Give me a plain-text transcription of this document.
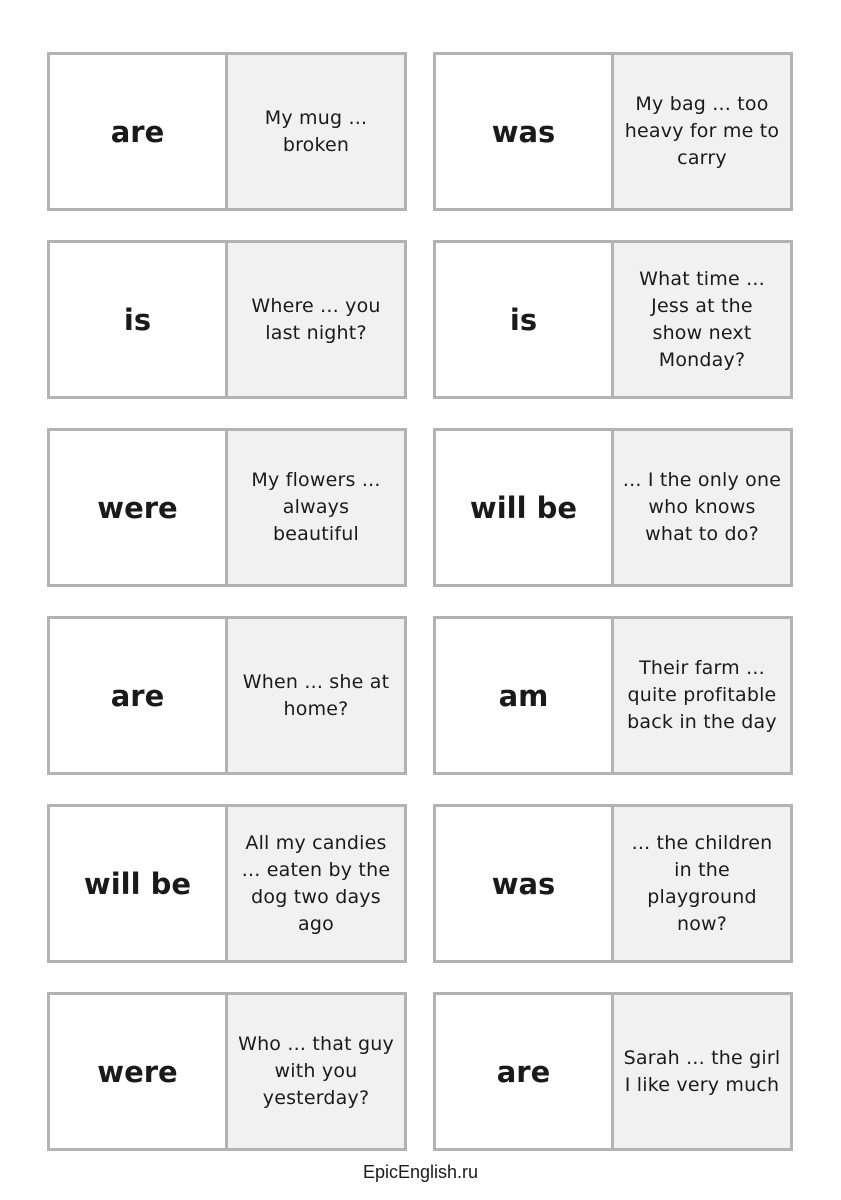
are	My mug ...
broken	was
My bag ... too
heavy for me to
carry
is	Where ... you
last night?	is
What time ...
Jess at the
show next
Monday?
were
My flowers ...
always
beautiful
will be
... I the only one
who knows
what to do?
are	When ... she at
home?	am
Their farm ...
quite profitable
back in the day
will be
All my candies
... eaten by the
dog two days
ago
was
... the children
in the
playground
now?
were
Who ... that guy
with you
yesterday?
are	Sarah ... the girl
I like very much
EpicEnglish.ru
